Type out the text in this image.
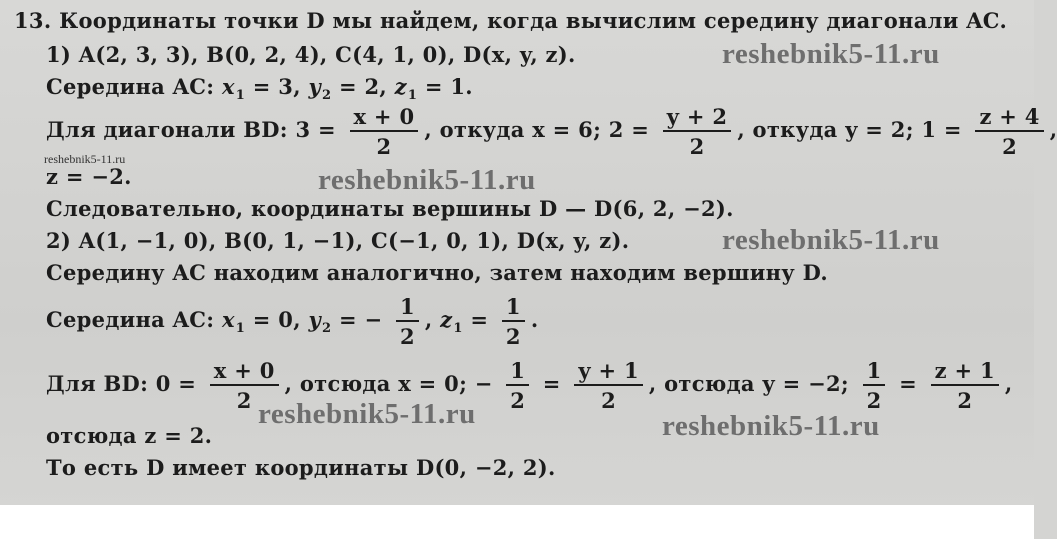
13. Координаты точки D мы найдем, когда вычислим середину диагонали AC.
1) A(2, 3, 3), B(0, 2, 4), C(4, 1, 0), D(x, y, z).
Середина AC: $x_1 = 3$, $y_2 = 2$, $z_1 = 1$.
Для диагонали BD: $3 = \frac{x + 0}{2}$ , откуда x = 6; $2 = \frac{y + 2}{2}$ , откуда y = 2; $1 = \frac{z + 4}{2}$ ,
z = −2.
Следовательно, координаты вершины D — D(6, 2, −2).
2) A(1, −1, 0), B(0, 1, −1), C(−1, 0, 1), D(x, y, z).
Середину AC находим аналогично, затем находим вершину D.
Середина AC: $x_1 = 0$, $y_2$ = − $\frac{1}{2}$ , $z_1 = \frac{1}{2}$ .
Для BD: $0 = \frac{x + 0}{2}$ , отсюда x = 0; − $\frac{1}{2} = \frac{y + 1}{2}$ , отсюда y = −2; $\frac{1}{2} = \frac{z + 1}{2}$ ,
отсюда z = 2.
То есть D имеет координаты D(0, −2, 2).
reshebnik5-11.ru
reshebnik5-11.ru
reshebnik5-11.ru
reshebnik5-11.ru
reshebnik5-11.ru	reshebnik5-11.ru
